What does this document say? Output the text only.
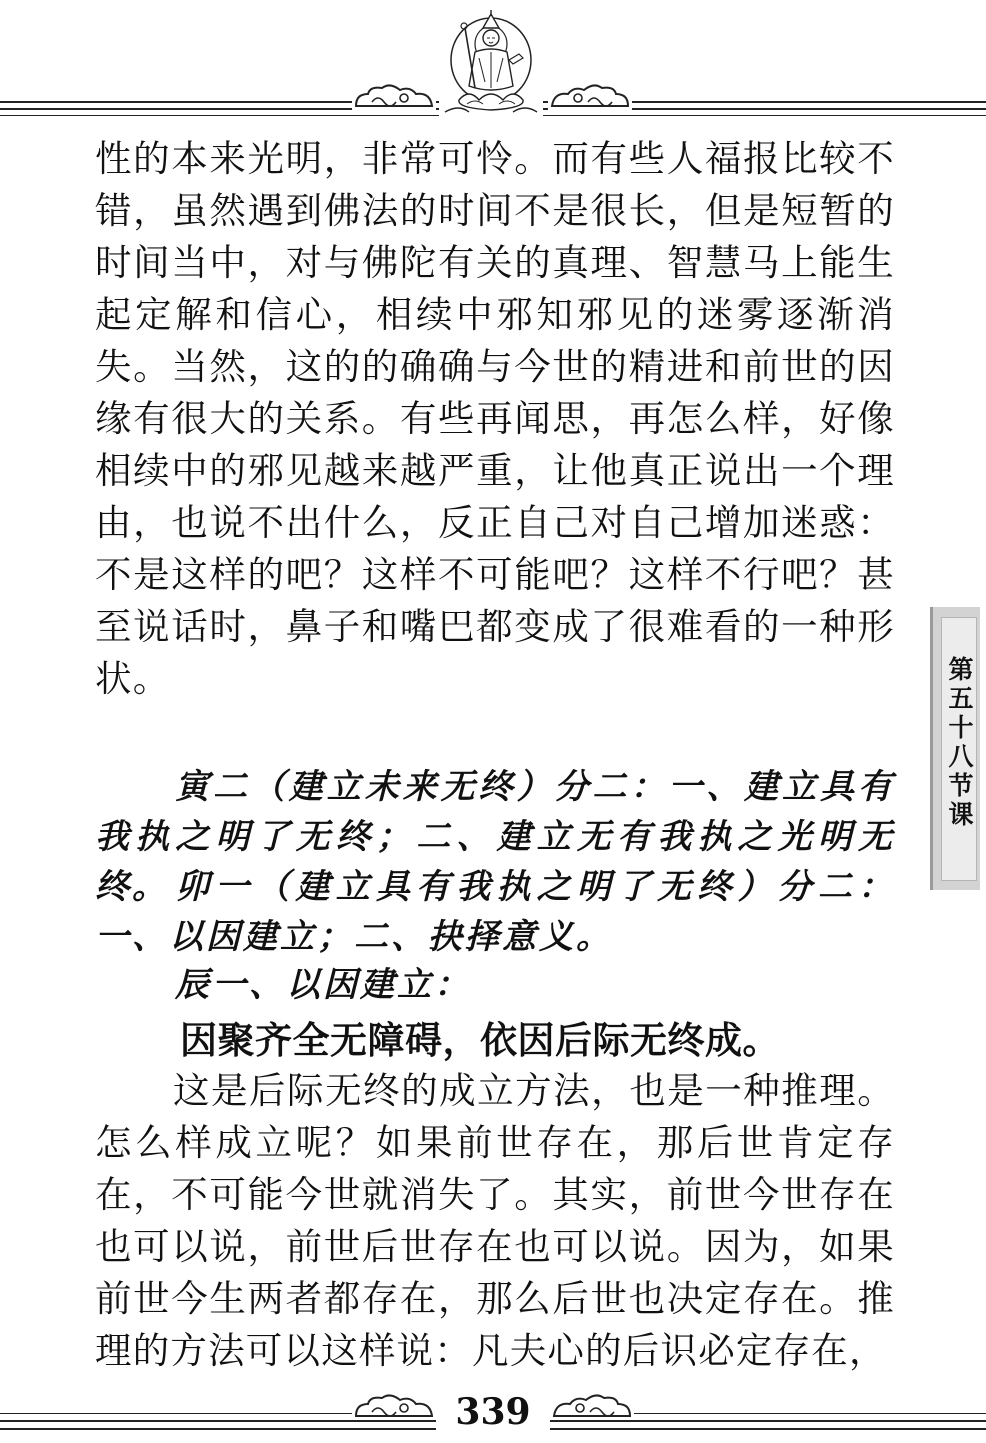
性的本来光明，非常可怜。而有些人福报比较不错，虽然遇到佛法的时间不是很长，但是短暂的时间当中，对与佛陀有关的真理、智慧马上能生起定解和信心，相续中邪知邪见的迷雾逐渐消失。当然，这的的确确与今世的精进和前世的因缘有很大的关系。有些再闻思，再怎么样，好像相续中的邪见越来越严重，让他真正说出一个理由，也说不出什么，反正自己对自己增加迷惑：不是这样的吧？这样不可能吧？这样不行吧？甚至说话时，鼻子和嘴巴都变成了很难看的一种形状。

寅二（建立未来无终）分二：一、建立具有我执之明了无终；二、建立无有我执之光明无终。 卯一（建立具有我执之明了无终）分二：一、以因建立；二、抉择意义。

辰一、以因建立：

因聚齐全无障碍，依因后际无终成。

这是后际无终的成立方法，也是一种推理。怎么样成立呢？如果前世存在，那后世肯定存在，不可能今世就消失了。其实，前世今世存在也可以说，前世后世存在也可以说。因为，如果前世今生两者都存在，那么后世也决定存在。推理的方法可以这样说：凡夫心的后识必定存在，

第五十八节课
339
